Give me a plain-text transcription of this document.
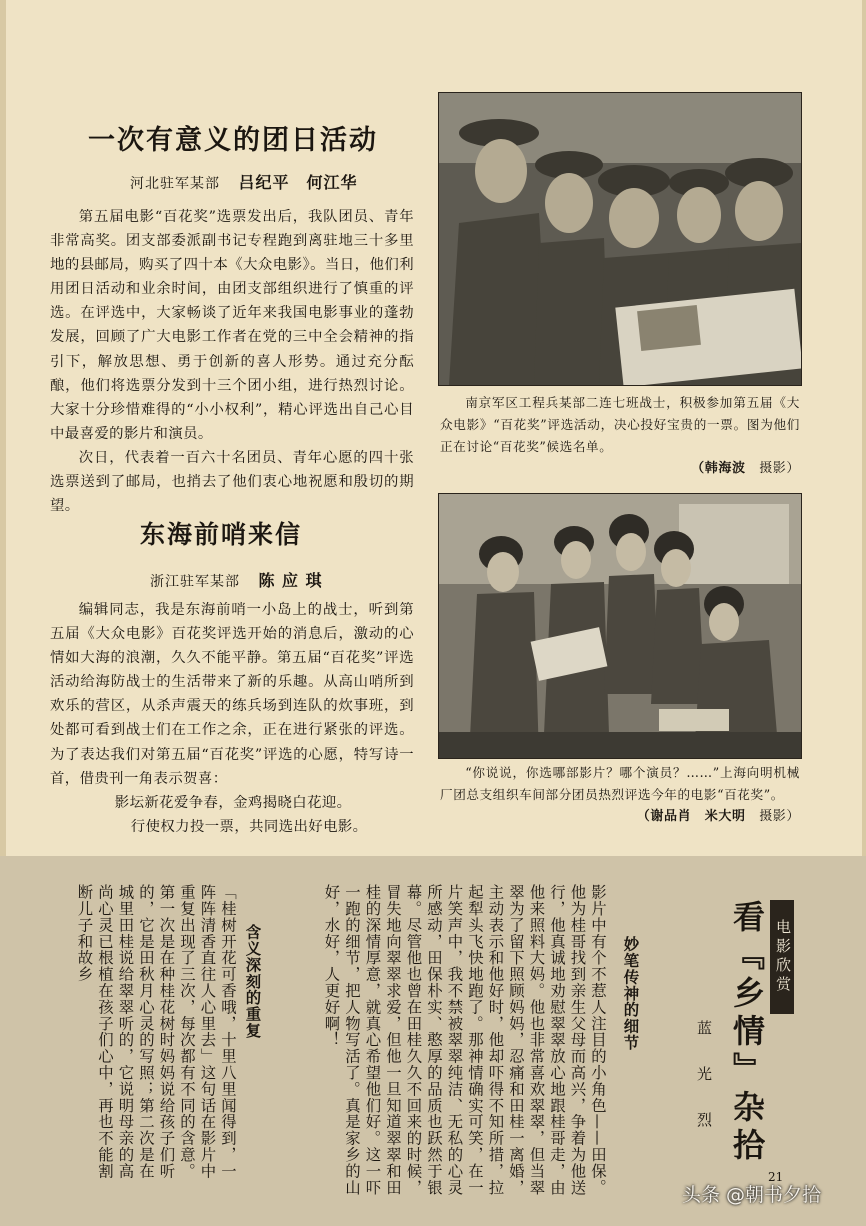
一次有意义的团日活动
河北驻军某部 吕纪平　何江华

第五届电影“百花奖”选票发出后，我队团员、青年非常高奖。团支部委派副书记专程跑到离驻地三十多里地的县邮局，购买了四十本《大众电影》。当日，他们利用团日活动和业余时间，由团支部组织进行了慎重的评选。在评选中，大家畅谈了近年来我国电影事业的蓬勃发展，回顾了广大电影工作者在党的三中全会精神的指引下，解放思想、勇于创新的喜人形势。通过充分酝酿，他们将选票分发到十三个团小组，进行热烈讨论。大家十分珍惜难得的“小小权利”，精心评选出自己心目中最喜爱的影片和演员。

次日，代表着一百六十名团员、青年心愿的四十张选票送到了邮局，也捎去了他们衷心地祝愿和殷切的期望。

东海前哨来信
浙江驻军某部 陈 应 琪

编辑同志，我是东海前哨一小岛上的战士，听到第五届《大众电影》百花奖评选开始的消息后，激动的心情如大海的浪潮，久久不能平静。第五届“百花奖”评选活动给海防战士的生活带来了新的乐趣。从高山哨所到欢乐的营区，从杀声震天的练兵场到连队的炊事班，到处都可看到战士们在工作之余，正在进行紧张的评选。为了表达我们对第五届“百花奖”评选的心愿，特写诗一首，借贵刊一角表示贺喜：

影坛新花爱争春，金鸡揭晓白花迎。

行使权力投一票，共同选出好电影。

南京军区工程兵某部二连七班战士，积极参加第五届《大众电影》“百花奖”评选活动，决心投好宝贵的一票。图为他们正在讨论“百花奖”候选名单。

（韩海波　 摄影）

“你说说，你选哪部影片？哪个演员？……”上海向明机械厂团总支组织车间部分团员热烈评选今年的电影“百花奖”。

（谢品肖　米大明　 摄影）

妙笔传神的细节

影片中有个不惹人注目的小角色——田保。他为桂哥找到亲生父母而高兴，争着为他送行，他真诚地劝慰翠翠放心地跟桂哥走，由他来照料大妈。他也非常喜欢翠翠，但当翠翠为了留下照顾妈妈，忍痛和田桂一离婚，主动表示和他好时，他却吓得不知所措，拉起犁头飞快地跑了。那神情确实可笑，在一片笑声中，我不禁被翠翠纯洁、无私的心灵所感动，田保朴实、憨厚的品质也跃然于银幕。尽管他也曾在田桂久久不回来的时候，冒失地向翠翠求爱，但他一旦知道翠翠和田桂的深情厚意，就真心希望他们好。这一吓一跑的细节，把人物写活了。真是家乡的山好，水好，人更好啊！

含义深刻的重复

「桂树开花可香哦，十里八里闻得到，一阵阵清香直往人心里去」这句话在影片中重复出现了三次，每次都有不同的含意。第一次是在种桂花树时妈妈说给孩子们听的，它是田秋月心灵的写照；第二次是在城里田桂说给翠翠听的，它说明母亲的高尚心灵已根植在孩子们心中，再也不能割断儿子和故乡	电影欣赏
看『乡情』杂拾
蓝　光　烈
21
头条 @朝书夕拾
